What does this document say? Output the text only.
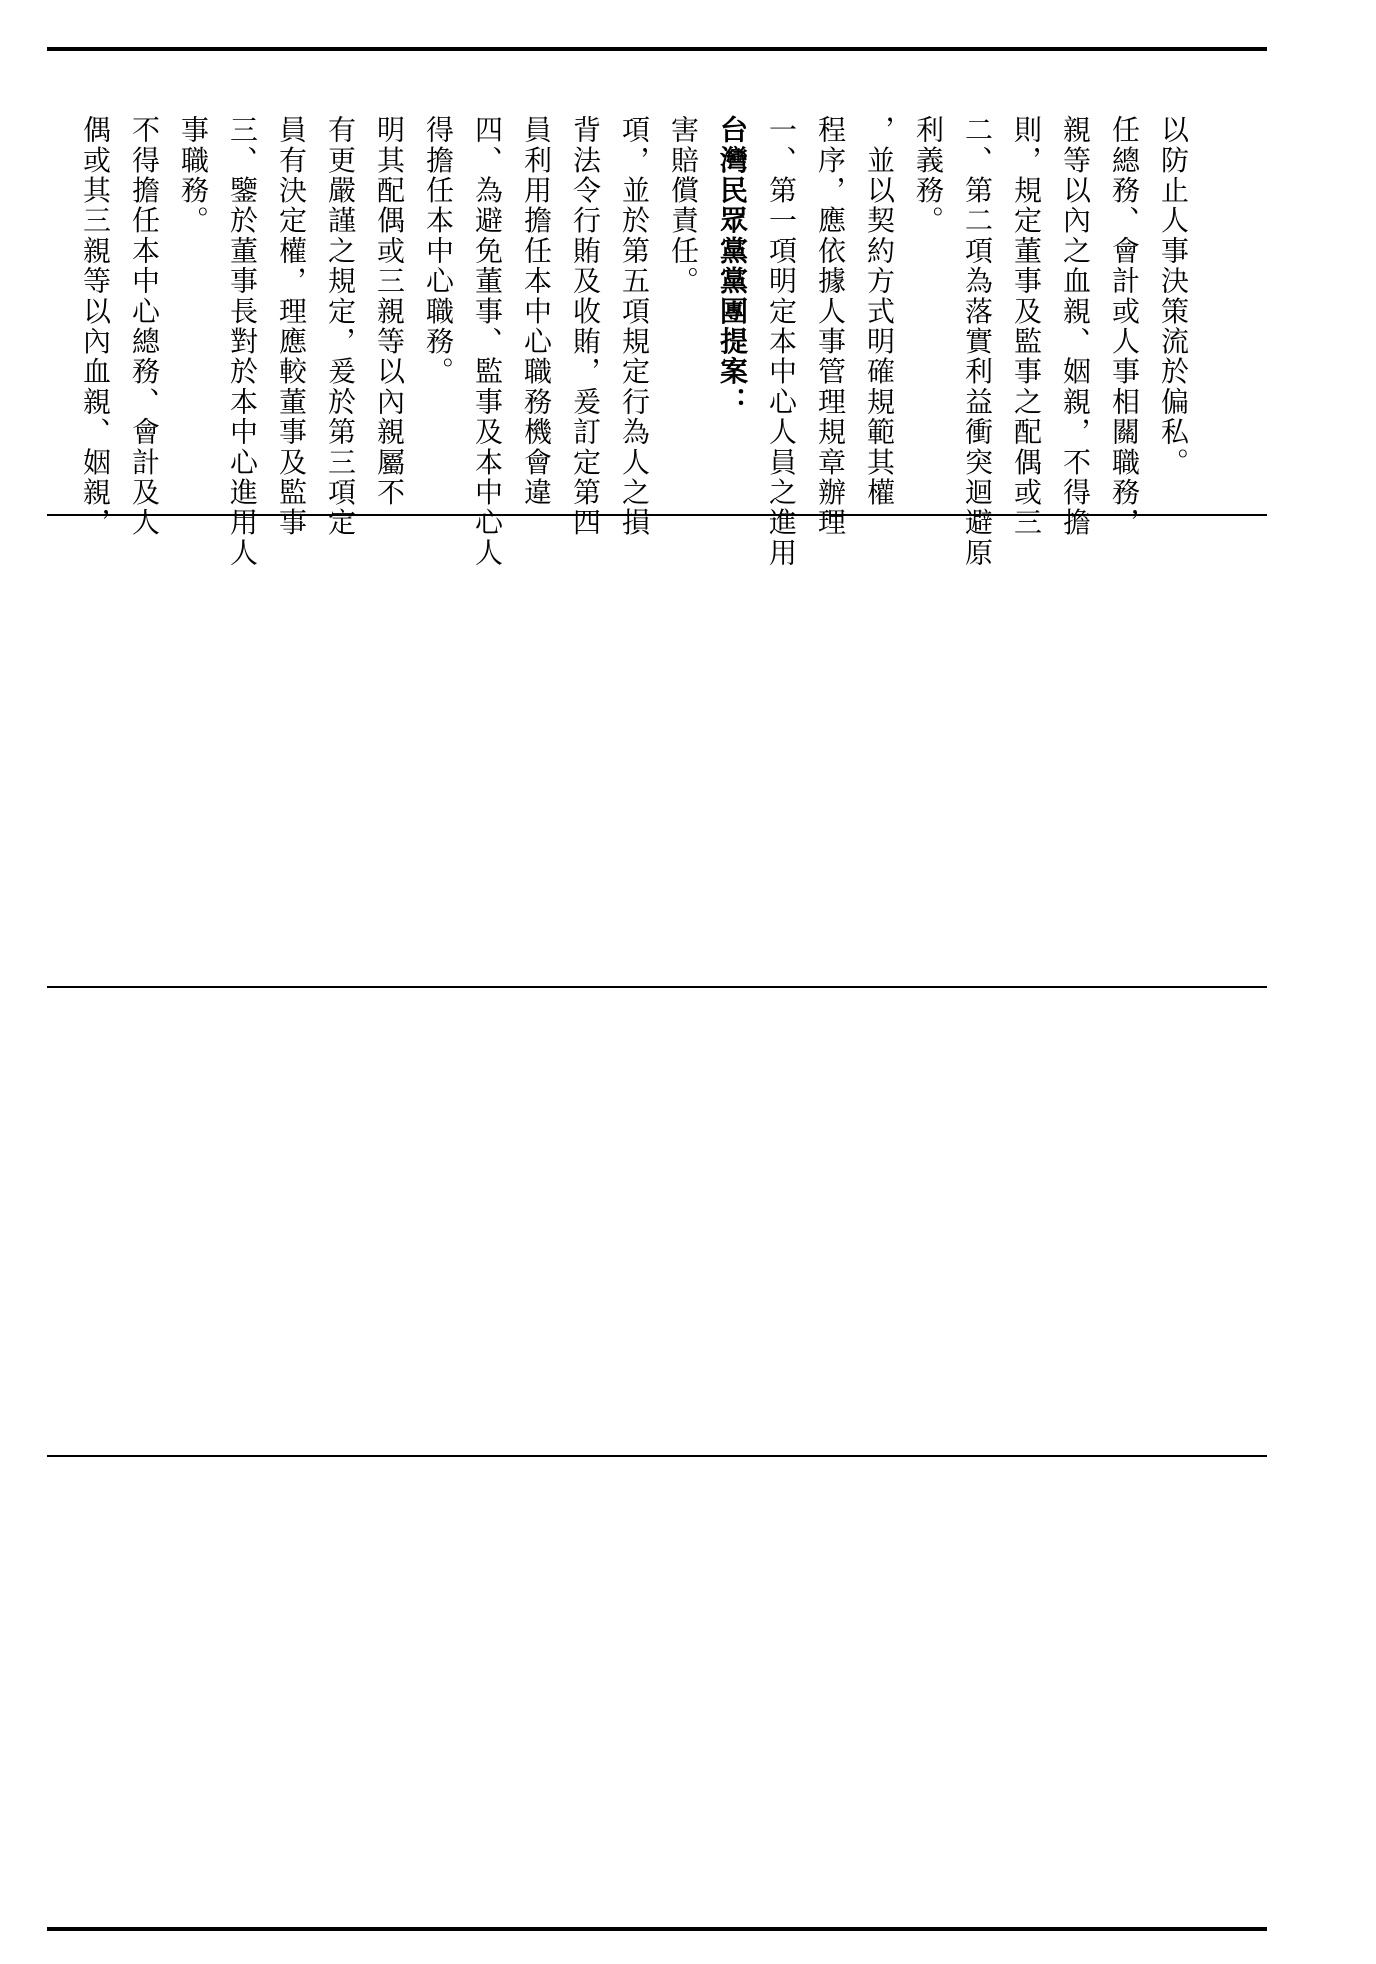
偶或其三親等以內血親、姻親， 不得擔任本中心總務、會計及人 事職務。 三、鑒於董事長對於本中心進用人 員有決定權，理應較董事及監事 有更嚴謹之規定，爰於第三項定 明其配偶或三親等以內親屬不 得擔任本中心職務。 四、為避免董事、監事及本中心人 員利用擔任本中心職務機會違 背法令行賄及收賄，爰訂定第四 項，並於第五項規定行為人之損 害賠償責任。 台灣民眾黨黨團提案： 一、第一項明定本中心人員之進用 程序，應依據人事管理規章辦理 ，並以契約方式明確規範其權 利義務。 二、第二項為落實利益衝突迴避原 則，規定董事及監事之配偶或三 親等以內之血親、姻親，不得擔 任總務、會計或人事相關職務， 以防止人事決策流於偏私。
